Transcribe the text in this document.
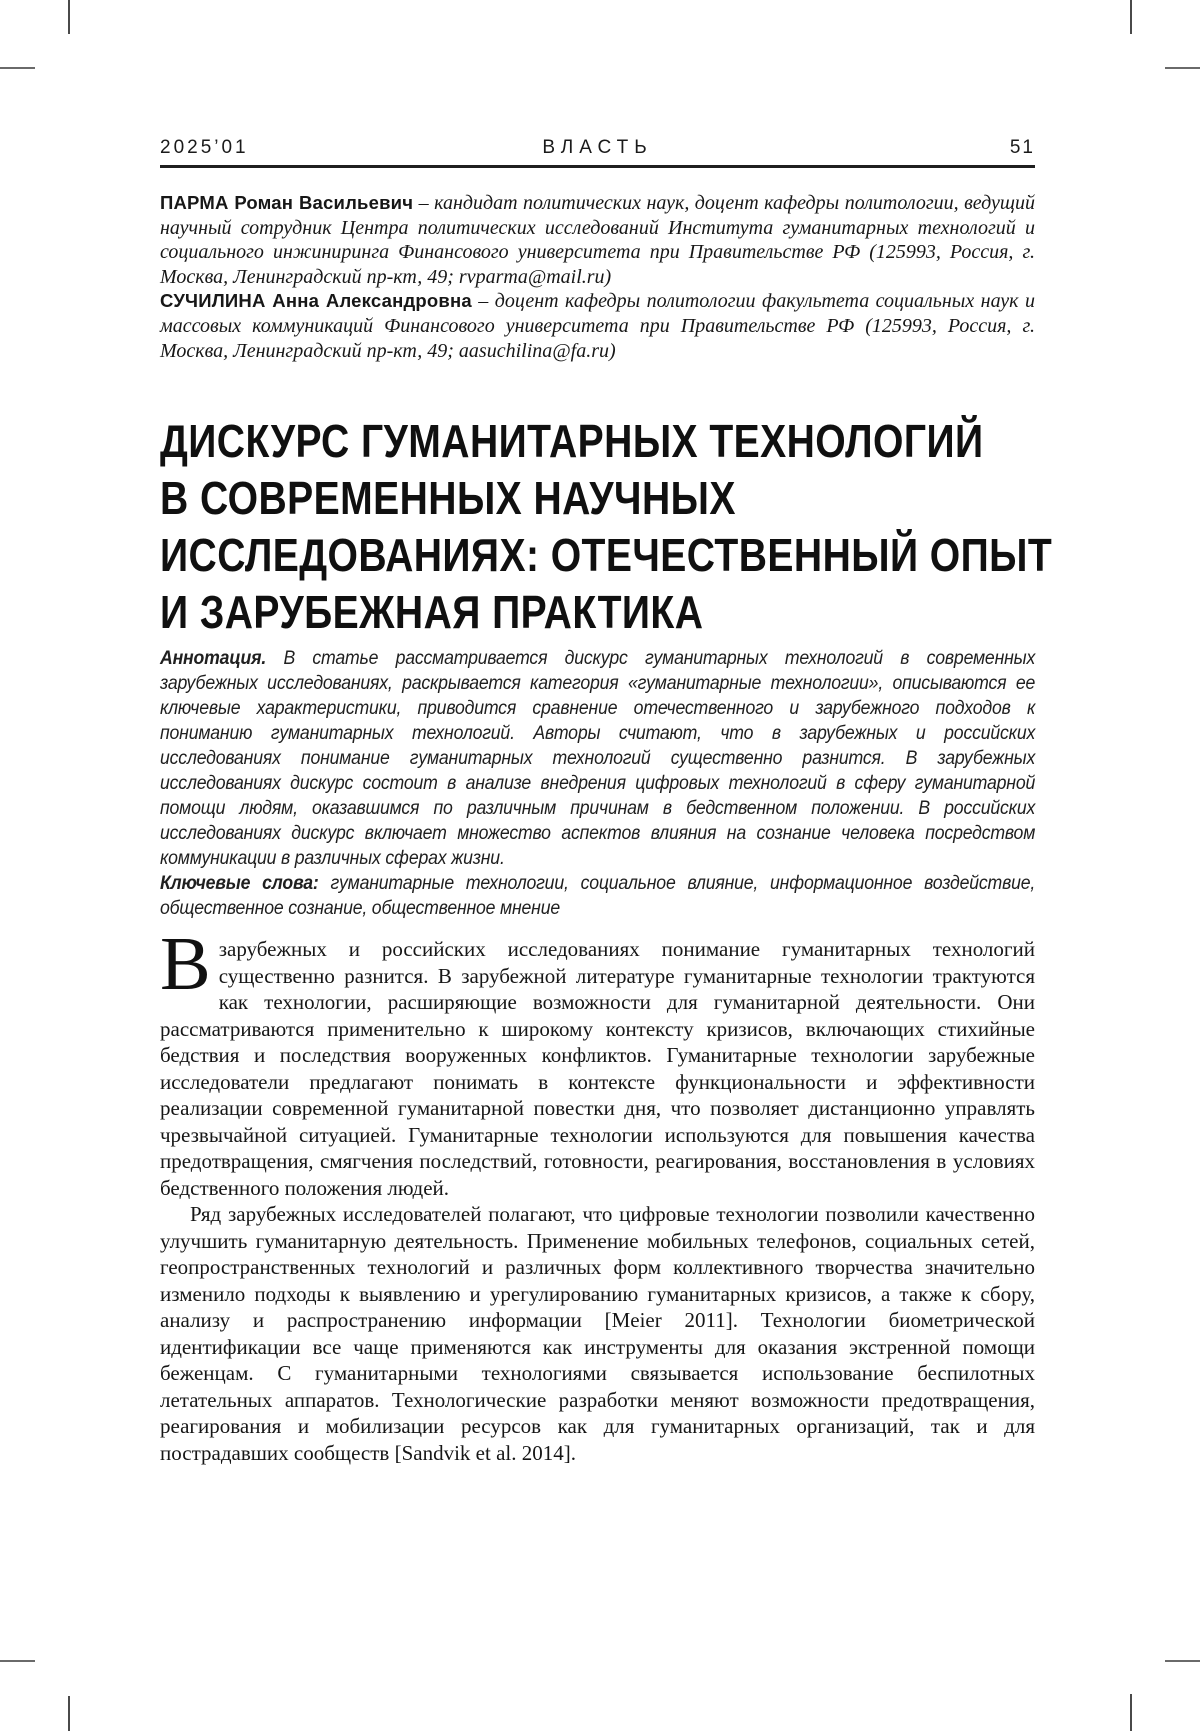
2025’01	ВЛАСТЬ	51

ПАРМА Роман Васильевич – кандидат политических наук, доцент кафедры политологии, ведущий научный сотрудник Центра политических исследований Института гуманитарных технологий и социального инжиниринга Финансового университета при Правительстве РФ (125993, Россия, г. Москва, Ленинградский пр-кт, 49; rvparma@mail.ru)

СУЧИЛИНА Анна Александровна – доцент кафедры политологии факультета социальных наук и массовых коммуникаций Финансового университета при Правительстве РФ (125993, Россия, г. Москва, Ленинградский пр-кт, 49; aasuchilina@fa.ru)

ДИСКУРС ГУМАНИТАРНЫХ ТЕХНОЛОГИЙ
В СОВРЕМЕННЫХ НАУЧНЫХ
ИССЛЕДОВАНИЯХ: ОТЕЧЕСТВЕННЫЙ ОПЫТ
И ЗАРУБЕЖНАЯ ПРАКТИКА

Аннотация. В статье рассматривается дискурс гуманитарных технологий в современных зарубежных исследованиях, раскрывается категория «гуманитарные технологии», описываются ее ключевые характеристики, приводится сравнение отечественного и зарубежного подходов к пониманию гуманитарных технологий. Авторы считают, что в зарубежных и российских исследованиях понимание гуманитарных технологий существенно разнится. В зарубежных исследованиях дискурс состоит в анализе внедрения цифровых технологий в сферу гуманитарной помощи людям, оказавшимся по различным причинам в бедственном положении. В российских исследованиях дискурс включает множество аспектов влияния на сознание человека посредством коммуникации в различных сферах жизни.

Ключевые слова: гуманитарные технологии, социальное влияние, информационное воздействие, общественное сознание, общественное мнение

В зарубежных и российских исследованиях понимание гуманитарных технологий существенно разнится. В зарубежной литературе гуманитарные технологии трактуются как технологии, расширяющие возможности для гуманитарной деятельности. Они рассматриваются применительно к широкому контексту кризисов, включающих стихийные бедствия и последствия вооруженных конфликтов. Гуманитарные технологии зарубежные исследователи предлагают понимать в контексте функциональности и эффективности реализации современной гуманитарной повестки дня, что позволяет дистанционно управлять чрезвычайной ситуацией. Гуманитарные технологии используются для повышения качества предотвращения, смягчения последствий, готовности, реагирования, восстановления в условиях бедственного положения людей.

Ряд зарубежных исследователей полагают, что цифровые технологии позволили качественно улучшить гуманитарную деятельность. Применение мобильных телефонов, социальных сетей, геопространственных технологий и различных форм коллективного творчества значительно изменило подходы к выявлению и урегулированию гуманитарных кризисов, а также к сбору, анализу и распространению информации [Meier 2011]. Технологии биометрической идентификации все чаще применяются как инструменты для оказания экстренной помощи беженцам. С гуманитарными технологиями связывается использование беспилотных летательных аппаратов. Технологические разработки меняют возможности предотвращения, реагирования и мобилизации ресурсов как для гуманитарных организаций, так и для пострадавших сообществ [Sandvik et al. 2014].
